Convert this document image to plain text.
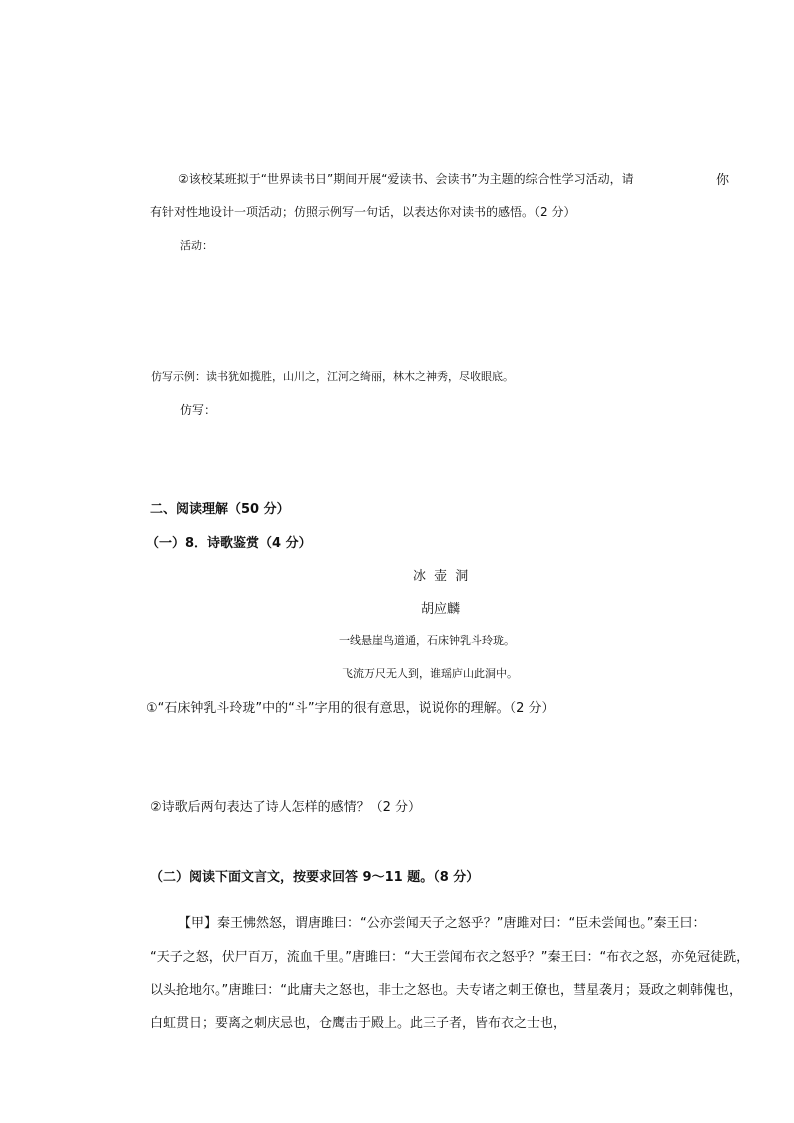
②该校某班拟于“世界读书日”期间开展“爱读书、会读书”为主题的综合性学习活动，请	你
有针对性地设计一项活动；仿照示例写一句话，以表达你对读书的感悟。（2 分）
活动：
仿写示例：读书犹如揽胜，山川之，江河之绮丽，林木之神秀，尽收眼底。
仿写：
二、阅读理解（50 分）
（一）8．诗歌鉴赏（4 分）
冰 壶 洞
胡应麟
一线悬崖鸟道通，石床钟乳斗玲珑。
飞流万尺无人到，谁瑶庐山此洞中。
①“石床钟乳斗玲珑”中的“斗”字用的很有意思，说说你的理解。（2 分）
②诗歌后两句表达了诗人怎样的感情？（2 分）
（二）阅读下面文言文，按要求回答 9～11 题。（8 分）
【甲】秦王怫然怒，谓唐雎曰：“公亦尝闻天子之怒乎？”唐雎对曰：“臣未尝闻也。”秦王曰：
“天子之怒，伏尸百万，流血千里。”唐雎曰：“大王尝闻布衣之怒乎？”秦王曰：“布衣之怒，亦免冠徒跣，
以头抢地尔。”唐雎曰：“此庸夫之怒也，非士之怒也。夫专诸之刺王僚也，彗星袭月；聂政之刺韩傀也，
白虹贯日；要离之刺庆忌也，仓鹰击于殿上。此三子者，皆布衣之士也，
